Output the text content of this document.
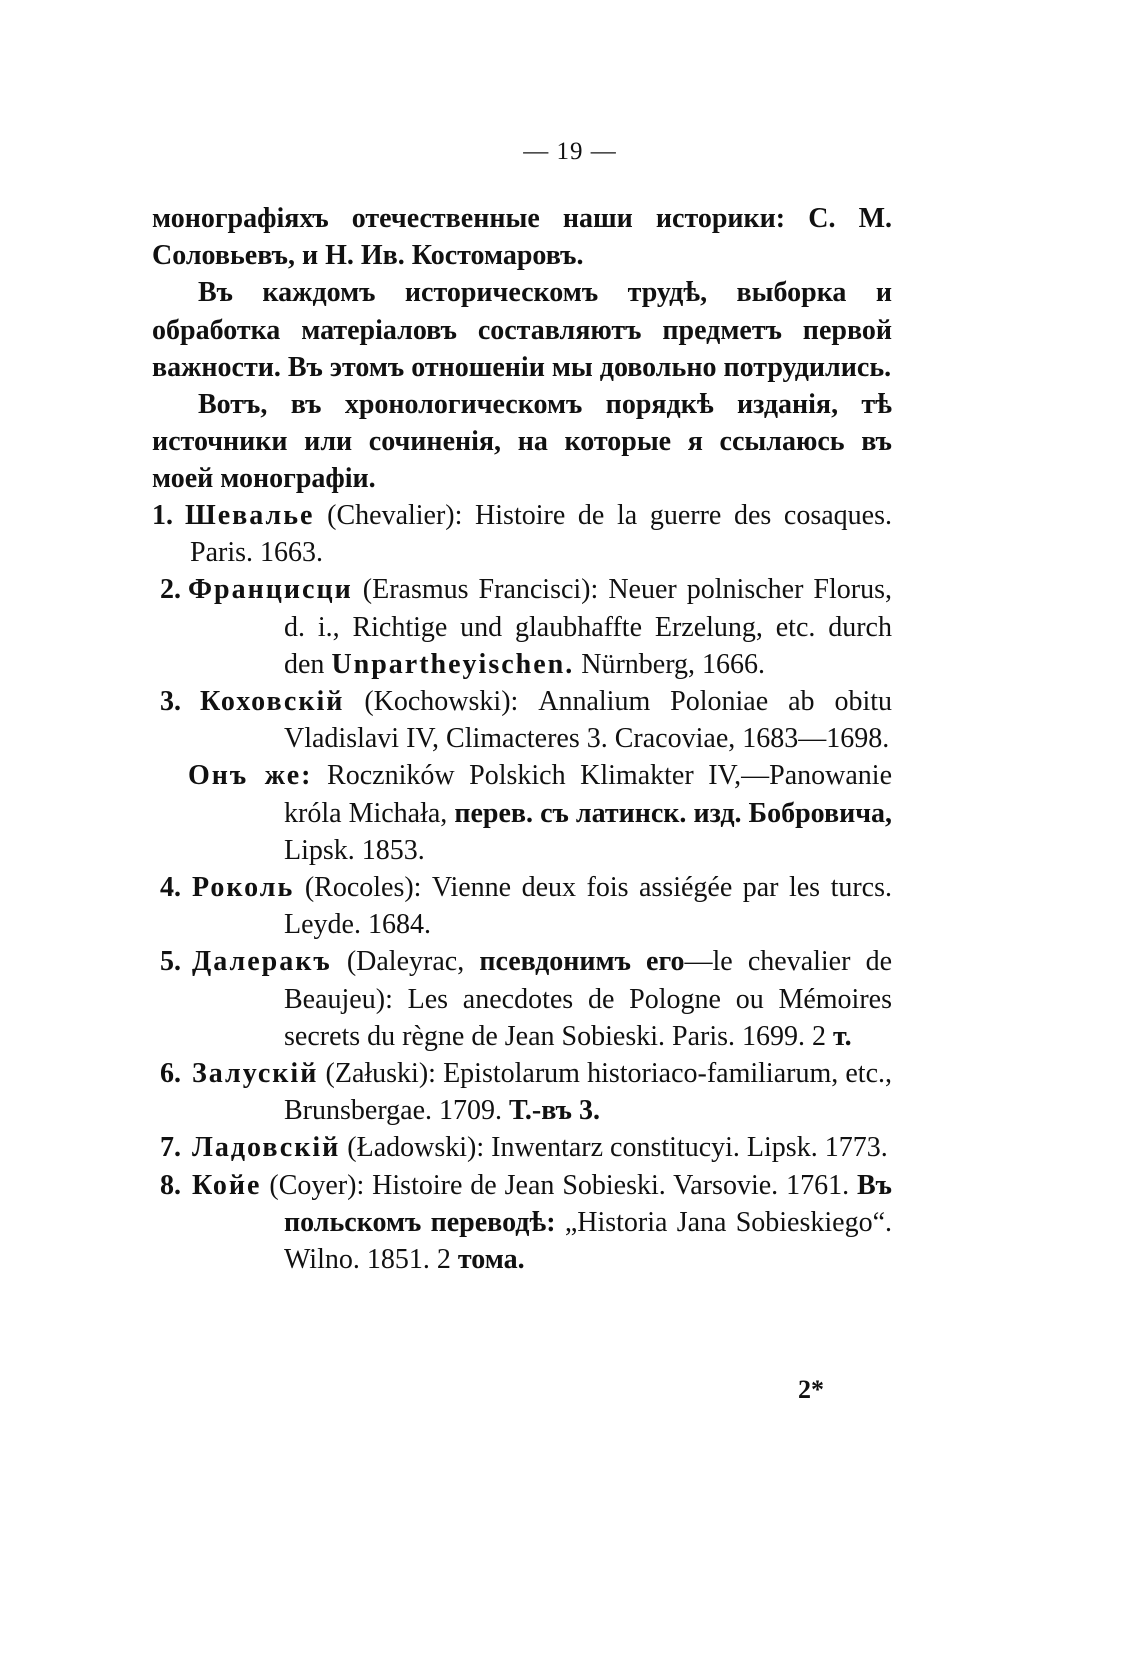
— 19 —

монографіяхъ отечественные наши историки: С. М. Соловьевъ, и Н. Ив. Костомаровъ.

Въ каждомъ историческомъ трудѣ, выборка и обработка матеріаловъ составляютъ предметъ первой важности. Въ этомъ отношеніи мы довольно потрудились.

Вотъ, въ хронологическомъ порядкѣ изданія, тѣ источники или сочиненія, на которые я ссылаюсь въ моей монографіи.

1. Шевалье (Chevalier): Histoire de la guerre des cosaques. Paris. 1663.
2. Францисци (Erasmus Francisci): Neuer polnischer Florus, d. i., Richtige und glaubhaffte Erzelung, etc. durch den Unpartheyischen. Nürnberg, 1666.
3. Коховскій (Kochowski): Annalium Poloniae ab obitu Vladislavi IV, Climacteres 3. Cracoviae, 1683—1698.
Онъ же: Roczników Polskich Klimakter IV,—Panowanie króla Michała, перев. съ латинск. изд. Бобровича, Lipsk. 1853.
4. Роколь (Rocoles): Vienne deux fois assiégée par les turcs. Leyde. 1684.
5. Далеракъ (Daleyrac, псевдонимъ его—le chevalier de Beaujeu): Les anecdotes de Pologne ou Mémoires secrets du règne de Jean Sobieski. Paris. 1699. 2 т.
6. Залускій (Załuski): Epistolarum historiaco-familiarum, etc., Brunsbergae. 1709. Т.-въ 3.
7. Ладовскій (Ładowski): Inwentarz constitucyi. Lipsk. 1773.
8. Койе (Coyer): Histoire de Jean Sobieski. Varsovie. 1761. Въ польскомъ переводѣ: „Historia Jana Sobieskiego“. Wilno. 1851. 2 тома.
2*
